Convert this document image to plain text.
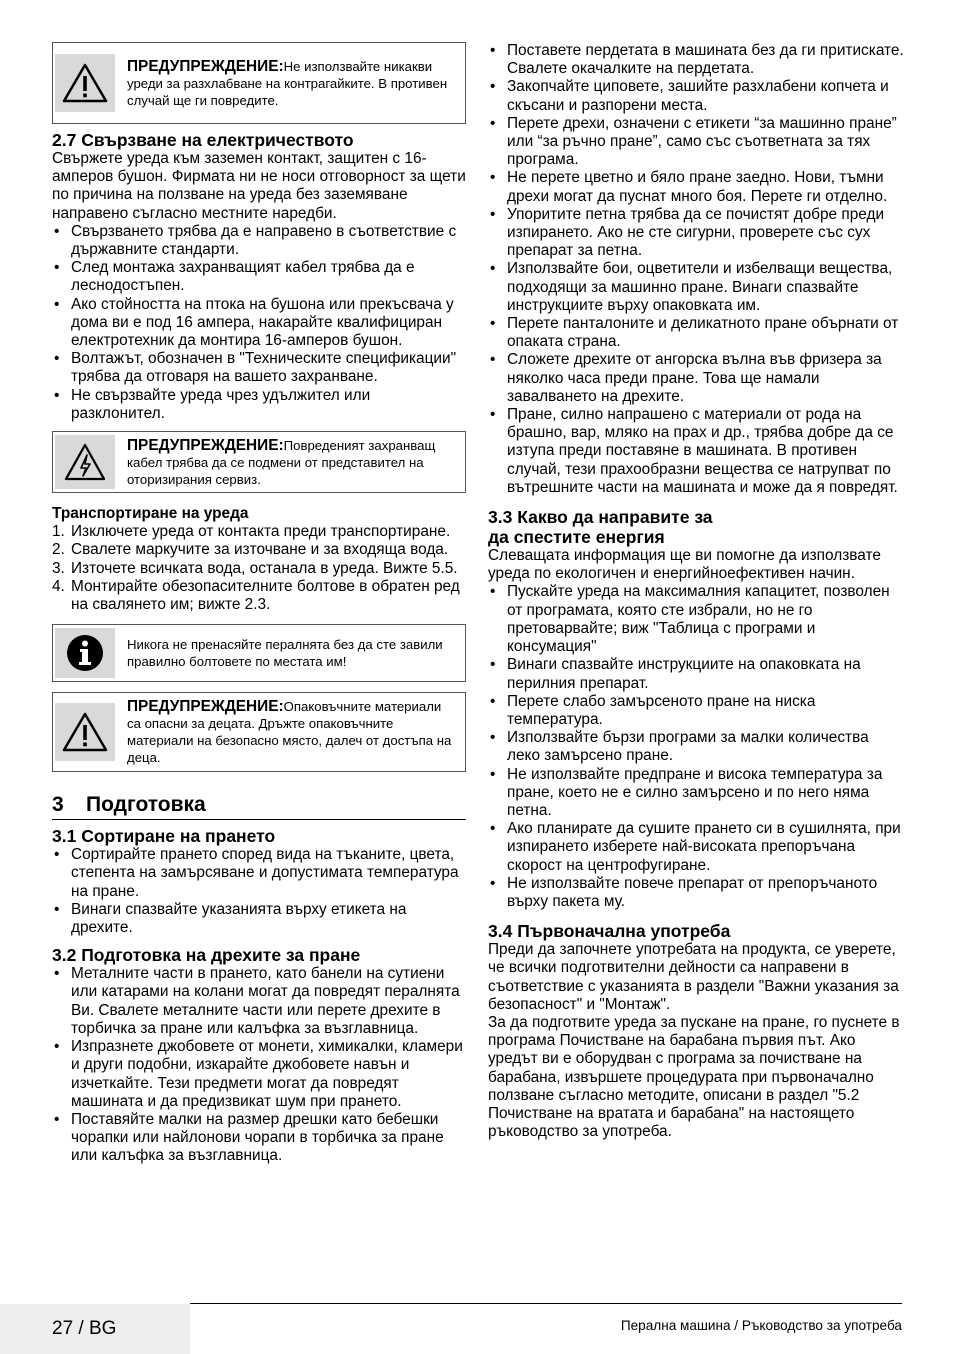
ПРЕДУПРЕЖДЕНИЕ:Не използвайте никакви уреди за разхлабване на контрагайките. В противен случай ще ги повредите.

2.7 Свързване на електричеството

Свържете уреда към заземен контакт, защитен с 16-амперов бушон. Фирмата ни не носи отговорност за щети по причина на ползване на уреда без заземяване направено съгласно местните наредби.

• Свързването трябва да е направено в съответствие с държавните стандарти.
• След монтажа захранващият кабел трябва да е леснодостъпен.
• Ако стойността на птока на бушона или прекъсвача у дома ви е под 16 ампера, накарайте квалифициран електротехник да монтира 16-амперов бушон.
• Волтажът, обозначен в "Техническите спецификации" трябва да отговаря на вашето захранване.
• Не свързвайте уреда чрез удължител или разклонител.
ПРЕДУПРЕЖДЕНИЕ:Повреденият захранващ кабел трябва да се подмени от представител на оторизирания сервиз.

Транспортиране на уреда

1. Изключете уреда от контакта преди транспортиране.
2. Свалете маркучите за източване и за входяща вода.
3. Източете всичката вода, останала в уреда. Вижте 5.5.
4. Монтирайте обезопасителните болтове в обратен ред на свалянето им; вижте 2.3.
Никога не пренасяйте пералнята без да сте завили правилно болтовете по местата им!
ПРЕДУПРЕЖДЕНИЕ:Опаковъчните материали са опасни за децата. Дръжте опаковъчните материали на безопасно място, далеч от достъпа на деца.

3 Подготовка

3.1 Сортиране на прането

• Сортирайте прането според вида на тъканите, цвета, степента на замърсяване и допустимата температура на пране.
• Винаги спазвайте указанията върху етикета на дрехите.

3.2 Подготовка на дрехите за пране

• Металните части в прането, като банели на сутиени или катарами на колани могат да повредят пералнята Ви. Свалете металните части или перете дрехите в торбичка за пране или калъфка за възглавница.
• Изпразнете джобовете от монети, химикалки, кламери и други подобни, изкарайте джобовете навън и изчеткайте. Тези предмети могат да повредят машината и да предизвикат шум при прането.
• Поставяйте малки на размер дрешки като бебешки чорапки или найлонови чорапи в торбичка за пране или калъфка за възглавница.
• Поставете пердетата в машината без да ги притискате. Свалете окачалките на пердетата.
• Закопчайте циповете, зашийте разхлабени копчета и скъсани и разпорени места.
• Перете дрехи, означени с етикети “за машинно пране” или “за ръчно пране”, само със съответната за тях програма.
• Не перете цветно и бяло пране заедно. Нови, тъмни дрехи могат да пуснат много боя. Перете ги отделно.
• Упоритите петна трябва да се почистят добре преди изпирането. Ако не сте сигурни, проверете със сух препарат за петна.
• Използвайте бои, оцветители и избелващи вещества, подходящи за машинно пране. Винаги спазвайте инструкциите върху опаковката им.
• Перете панталоните и деликатното пране обърнати от опаката страна.
• Сложете дрехите от ангорска вълна във фризера за няколко часа преди пране. Това ще намали завалването на дрехите.
• Пране, силно напрашено с материали от рода на брашно, вар, мляко на прах и др., трябва добре да се изтупа преди поставяне в машината. В противен случай, тези прахообразни вещества се натрупват по вътрешните части на машината и може да я повредят.

3.3 Какво да направите за
да спестите енергия

Слеващата информация ще ви помогне да използвате уреда по екологичен и енергийноефективен начин.

• Пускайте уреда на максималния капацитет, позволен от програмата, която сте избрали, но не го претоварвайте; виж "Таблица с програми и консумация"
• Винаги спазвайте инструкциите на опаковката на перилния препарат.
• Перете слабо замърсеното пране на ниска температура.
• Използвайте бързи програми за малки количества леко замърсено пране.
• Не използвайте предпране и висока температура за пране, което не е силно замърсено и по него няма петна.
• Ако планирате да сушите прането си в сушилнята, при изпирането изберете най-високата препоръчана скорост на центрофугиране.
• Не използвайте повече препарат от препоръчаното върху пакета му.

3.4 Първоначална употреба

Преди да започнете употребата на продукта, се уверете, че всички подготвителни дейности са направени в съответствие с указанията в раздели "Важни указания за безопасност" и "Монтаж".

За да подготвите уреда за пускане на пране, го пуснете в програма Почистване на барабана първия път. Ако уредът ви е оборудван с програма за почистване на барабана, извършете процедурата при първоначално ползване съгласно методите, описани в раздел "5.2 Почистване на вратата и барабана" на настоящето ръководство за употреба.

27 / BG	Перална машина / Ръководство за употреба
